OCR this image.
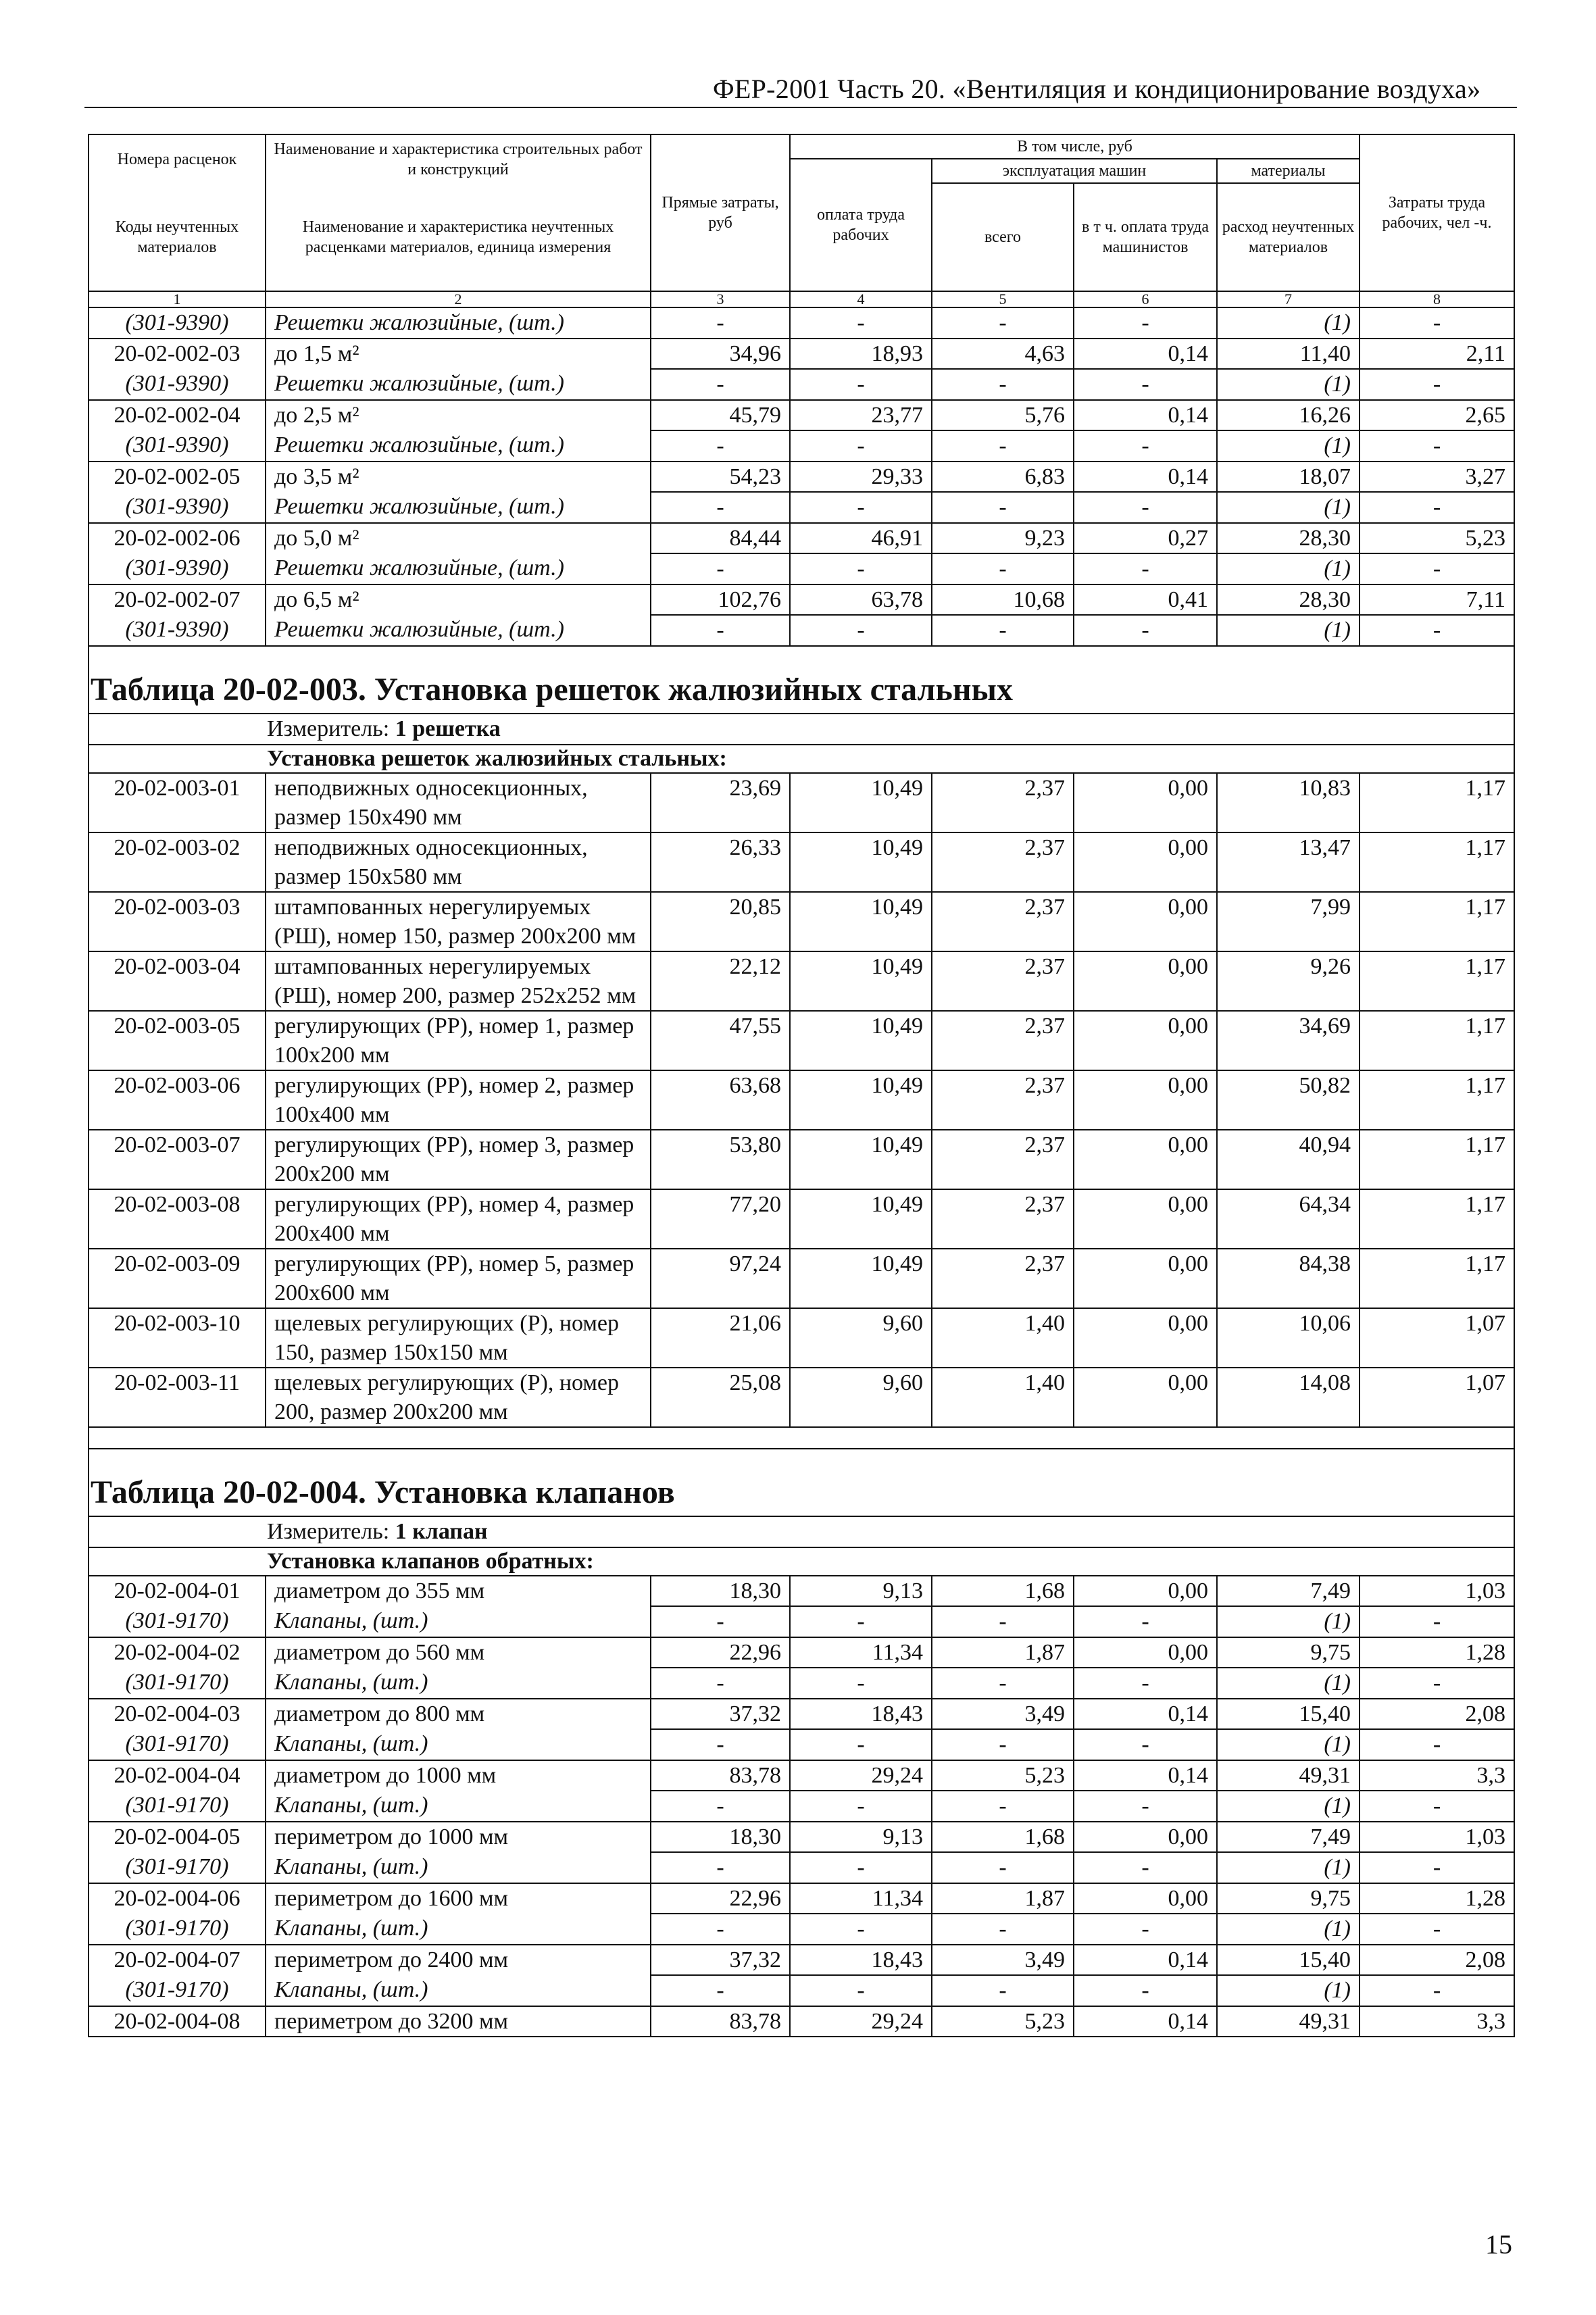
ФЕР-2001 Часть 20. «Вентиляция и кондиционирование воздуха»
Номера расценок	Наименование и характеристика строительных работ и конструкций	Прямые затраты, руб	В том числе, руб				Затраты труда рабочих, чел -ч.
			оплата труда рабочих	эксплуатация машин		материалы	
Коды неучтенных материалов	Наименование и характеристика неучтенных расценками материалов, единица измерения			всего	в т ч. оплата труда машинистов	расход неучтенных материалов	

1	2	3	4	5	6	7	8
(301-9390)	Решетки жалюзийные, (шт.)	-	-	-	-	(1)	-
20-02-002-03	до 1,5 м²	34,96	18,93	4,63	0,14	11,40	2,11
(301-9390)	Решетки жалюзийные, (шт.)	-	-	-	-	(1)	-
20-02-002-04	до 2,5 м²	45,79	23,77	5,76	0,14	16,26	2,65
(301-9390)	Решетки жалюзийные, (шт.)	-	-	-	-	(1)	-
20-02-002-05	до 3,5 м²	54,23	29,33	6,83	0,14	18,07	3,27
(301-9390)	Решетки жалюзийные, (шт.)	-	-	-	-	(1)	-
20-02-002-06	до 5,0 м²	84,44	46,91	9,23	0,27	28,30	5,23
(301-9390)	Решетки жалюзийные, (шт.)	-	-	-	-	(1)	-
20-02-002-07	до 6,5 м²	102,76	63,78	10,68	0,41	28,30	7,11
(301-9390)	Решетки жалюзийные, (шт.)	-	-	-	-	(1)	-
Таблица 20-02-003. Установка решеток жалюзийных стальных							
Измеритель: 1 решетка							
Установка решеток жалюзийных стальных:							
20-02-003-01	неподвижных односекционных, размер 150х490 мм	23,69	10,49	2,37	0,00	10,83	1,17
20-02-003-02	неподвижных односекционных, размер 150х580 мм	26,33	10,49	2,37	0,00	13,47	1,17
20-02-003-03	штампованных нерегулируемых (РШ), номер 150, размер 200х200 мм	20,85	10,49	2,37	0,00	7,99	1,17
20-02-003-04	штампованных нерегулируемых (РШ), номер 200, размер 252х252 мм	22,12	10,49	2,37	0,00	9,26	1,17
20-02-003-05	регулирующих (РР), номер 1, размер 100х200 мм	47,55	10,49	2,37	0,00	34,69	1,17
20-02-003-06	регулирующих (РР), номер 2, размер 100х400 мм	63,68	10,49	2,37	0,00	50,82	1,17
20-02-003-07	регулирующих (РР), номер 3, размер 200х200 мм	53,80	10,49	2,37	0,00	40,94	1,17
20-02-003-08	регулирующих (РР), номер 4, размер 200х400 мм	77,20	10,49	2,37	0,00	64,34	1,17
20-02-003-09	регулирующих (РР), номер 5, размер 200х600 мм	97,24	10,49	2,37	0,00	84,38	1,17
20-02-003-10	щелевых регулирующих (Р), номер 150, размер 150х150 мм	21,06	9,60	1,40	0,00	10,06	1,07
20-02-003-11	щелевых регулирующих (Р), номер 200, размер 200х200 мм	25,08	9,60	1,40	0,00	14,08	1,07

Таблица 20-02-004. Установка клапанов							
Измеритель: 1 клапан							
Установка клапанов обратных:							
20-02-004-01	диаметром до 355 мм	18,30	9,13	1,68	0,00	7,49	1,03
(301-9170)	Клапаны, (шт.)	-	-	-	-	(1)	-
20-02-004-02	диаметром до 560 мм	22,96	11,34	1,87	0,00	9,75	1,28
(301-9170)	Клапаны, (шт.)	-	-	-	-	(1)	-
20-02-004-03	диаметром до 800 мм	37,32	18,43	3,49	0,14	15,40	2,08
(301-9170)	Клапаны, (шт.)	-	-	-	-	(1)	-
20-02-004-04	диаметром до 1000 мм	83,78	29,24	5,23	0,14	49,31	3,3
(301-9170)	Клапаны, (шт.)	-	-	-	-	(1)	-
20-02-004-05	периметром до 1000 мм	18,30	9,13	1,68	0,00	7,49	1,03
(301-9170)	Клапаны, (шт.)	-	-	-	-	(1)	-
20-02-004-06	периметром до 1600 мм	22,96	11,34	1,87	0,00	9,75	1,28
(301-9170)	Клапаны, (шт.)	-	-	-	-	(1)	-
20-02-004-07	периметром до 2400 мм	37,32	18,43	3,49	0,14	15,40	2,08
(301-9170)	Клапаны, (шт.)	-	-	-	-	(1)	-
20-02-004-08	периметром до 3200 мм	83,78	29,24	5,23	0,14	49,31	3,3
15
